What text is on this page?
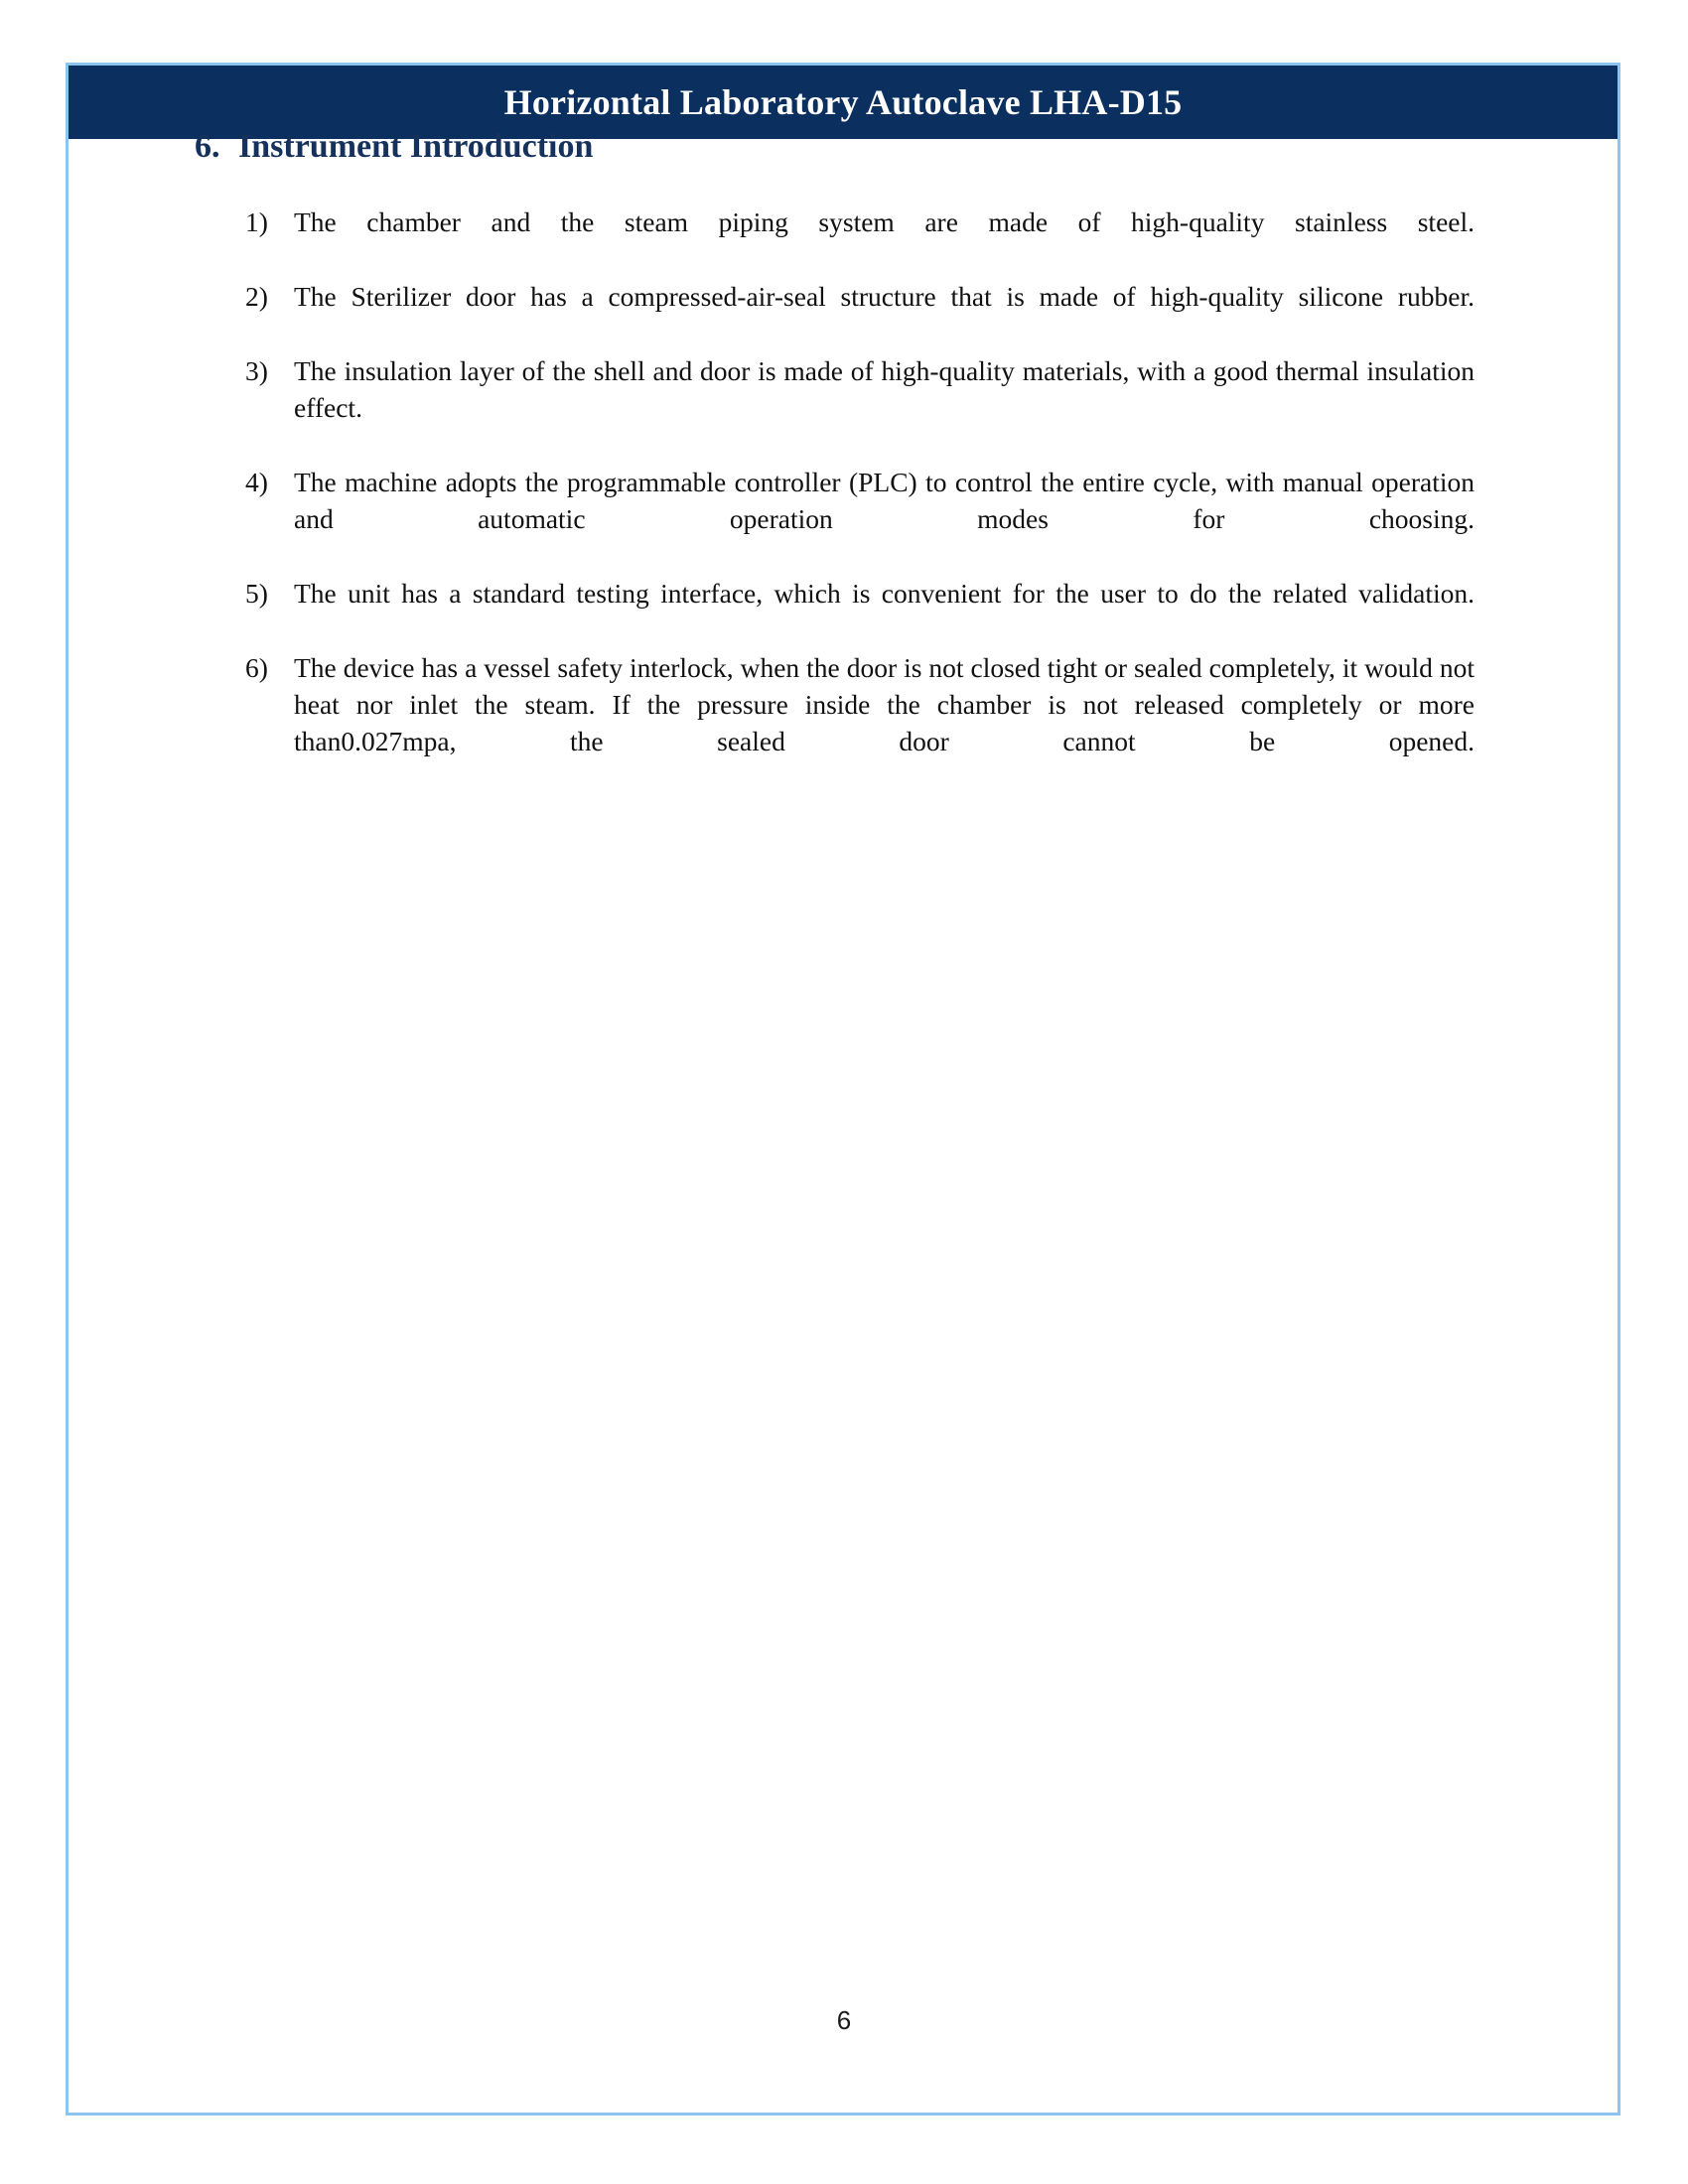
Horizontal Laboratory Autoclave LHA-D15
6. Instrument Introduction
1) The chamber and the steam piping system are made of high-quality stainless steel.
2) The Sterilizer door has a compressed-air-seal structure that is made of high-quality silicone rubber.
3) The insulation layer of the shell and door is made of high-quality materials, with a good thermal insulation effect.
4) The machine adopts the programmable controller (PLC) to control the entire cycle, with manual operation and automatic operation modes for choosing.
5) The unit has a standard testing interface, which is convenient for the user to do the related validation.
6) The device has a vessel safety interlock, when the door is not closed tight or sealed completely, it would not heat nor inlet the steam. If the pressure inside the chamber is not released completely or more than0.027mpa, the sealed door cannot be opened.
6
